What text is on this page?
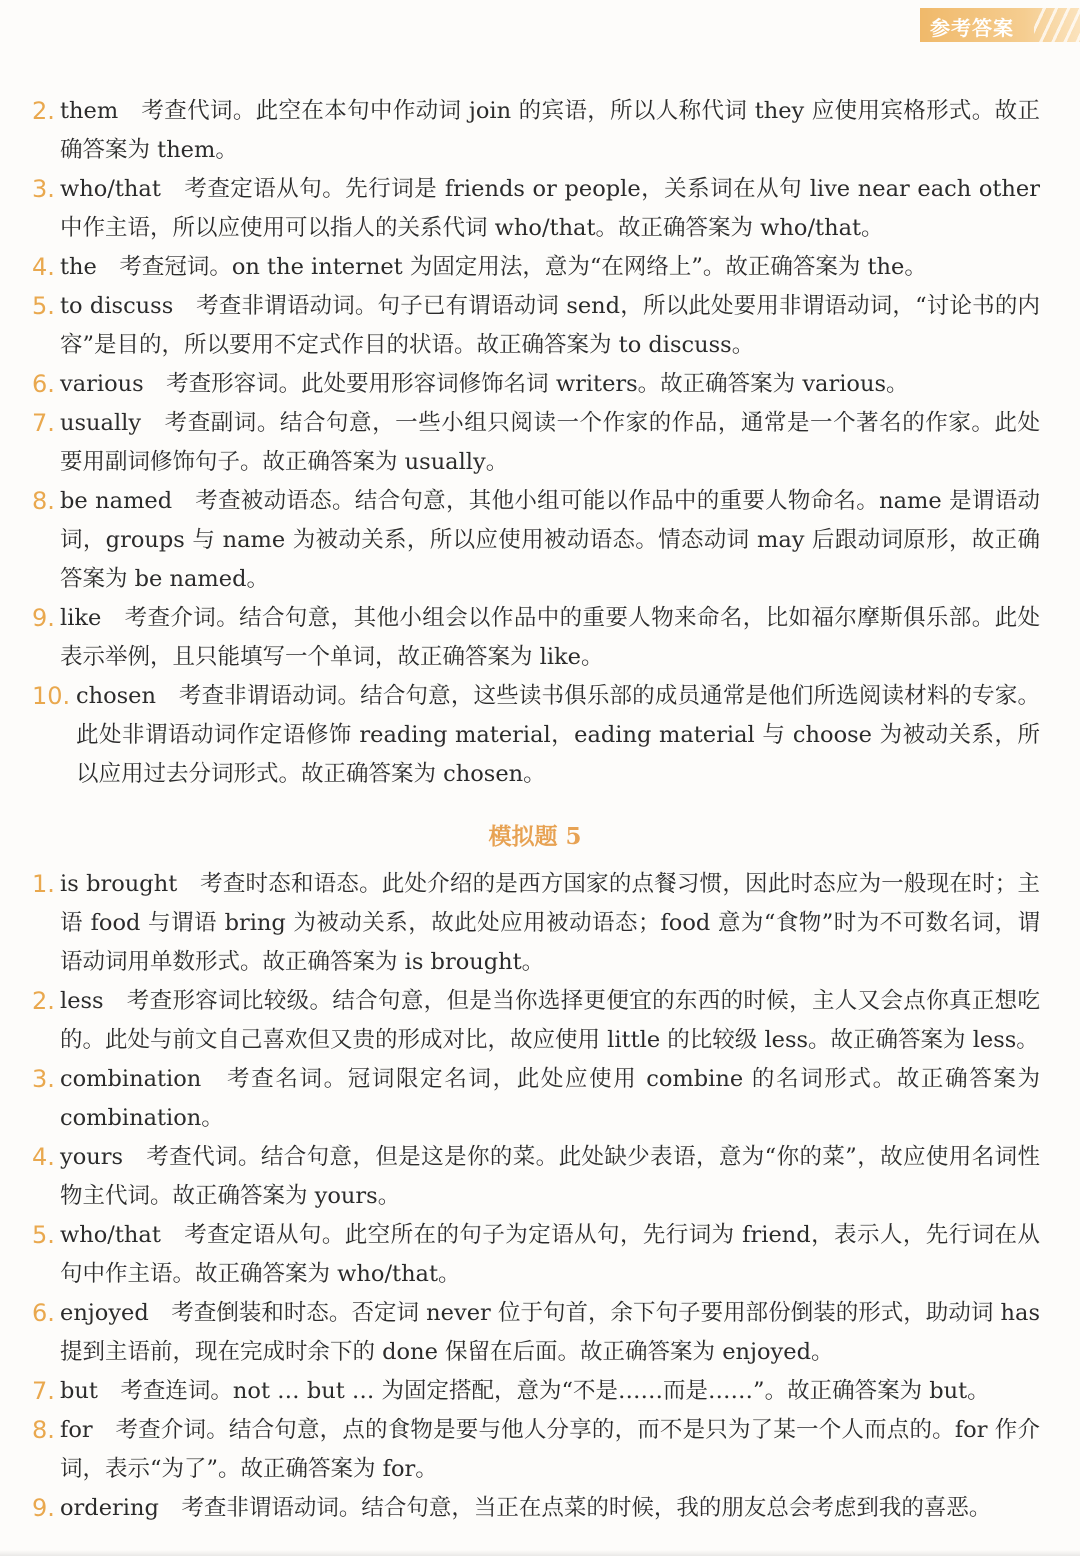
参考答案
2. them　考查代词。此空在本句中作动词 join 的宾语，所以人称代词 they 应使用宾格形式。故正确答案为 them。
3. who/that　考查定语从句。先行词是 friends or people，关系词在从句 live near each other 中作主语，所以应使用可以指人的关系代词 who/that。故正确答案为 who/that。
4. the　考查冠词。on the internet 为固定用法，意为“在网络上”。故正确答案为 the。
5. to discuss　考查非谓语动词。句子已有谓语动词 send，所以此处要用非谓语动词，“讨论书的内容”是目的，所以要用不定式作目的状语。故正确答案为 to discuss。
6. various　考查形容词。此处要用形容词修饰名词 writers。故正确答案为 various。
7. usually　考查副词。结合句意，一些小组只阅读一个作家的作品，通常是一个著名的作家。此处要用副词修饰句子。故正确答案为 usually。
8. be named　考查被动语态。结合句意，其他小组可能以作品中的重要人物命名。name 是谓语动词，groups 与 name 为被动关系，所以应使用被动语态。情态动词 may 后跟动词原形，故正确答案为 be named。
9. like　考查介词。结合句意，其他小组会以作品中的重要人物来命名，比如福尔摩斯俱乐部。此处表示举例，且只能填写一个单词，故正确答案为 like。
10. chosen　考查非谓语动词。结合句意，这些读书俱乐部的成员通常是他们所选阅读材料的专家。此处非谓语动词作定语修饰 reading material，eading material 与 choose 为被动关系，所以应用过去分词形式。故正确答案为 chosen。
模拟题 5
1. is brought　考查时态和语态。此处介绍的是西方国家的点餐习惯，因此时态应为一般现在时；主语 food 与谓语 bring 为被动关系，故此处应用被动语态；food 意为“食物”时为不可数名词，谓语动词用单数形式。故正确答案为 is brought。
2. less　考查形容词比较级。结合句意，但是当你选择更便宜的东西的时候，主人又会点你真正想吃的。此处与前文自己喜欢但又贵的形成对比，故应使用 little 的比较级 less。故正确答案为 less。
3. combination　考查名词。冠词限定名词，此处应使用 combine 的名词形式。故正确答案为 combination。
4. yours　考查代词。结合句意，但是这是你的菜。此处缺少表语，意为“你的菜”，故应使用名词性物主代词。故正确答案为 yours。
5. who/that　考查定语从句。此空所在的句子为定语从句，先行词为 friend，表示人，先行词在从句中作主语。故正确答案为 who/that。
6. enjoyed　考查倒装和时态。否定词 never 位于句首，余下句子要用部份倒装的形式，助动词 has 提到主语前，现在完成时余下的 done 保留在后面。故正确答案为 enjoyed。
7. but　考查连词。not … but … 为固定搭配，意为“不是……而是……”。故正确答案为 but。
8. for　考查介词。结合句意，点的食物是要与他人分享的，而不是只为了某一个人而点的。for 作介词，表示“为了”。故正确答案为 for。
9. ordering　考查非谓语动词。结合句意，当正在点菜的时候，我的朋友总会考虑到我的喜恶。
